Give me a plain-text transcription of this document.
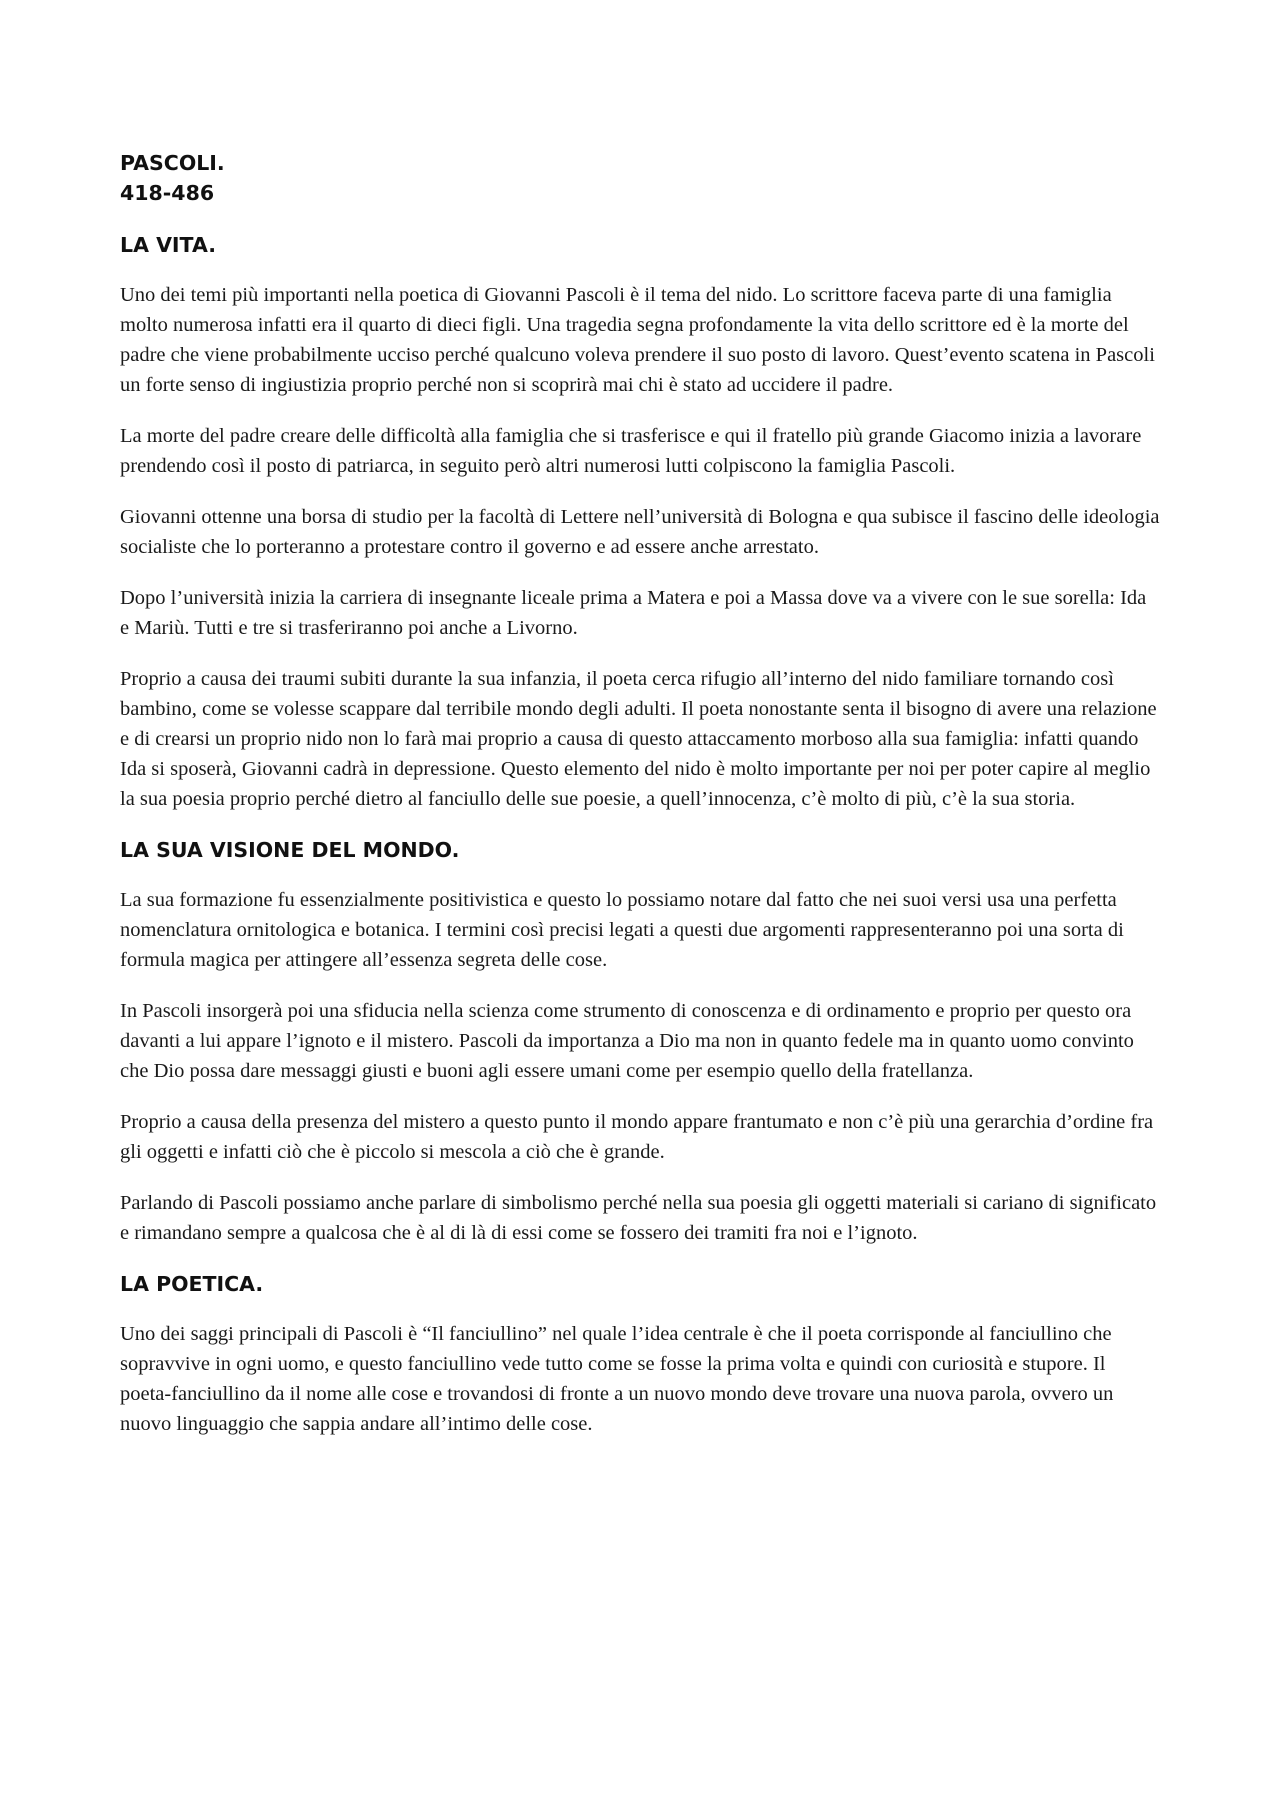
PASCOLI.
418-486
LA VITA.

Uno dei temi più importanti nella poetica di Giovanni Pascoli è il tema del nido. Lo scrittore faceva parte di una famiglia molto numerosa infatti era il quarto di dieci figli. Una tragedia segna profondamente la vita dello scrittore ed è la morte del padre che viene probabilmente ucciso perché qualcuno voleva prendere il suo posto di lavoro. Quest’evento scatena in Pascoli un forte senso di ingiustizia proprio perché non si scoprirà mai chi è stato ad uccidere il padre.

La morte del padre creare delle difficoltà alla famiglia che si trasferisce e qui il fratello più grande Giacomo inizia a lavorare prendendo così il posto di patriarca, in seguito però altri numerosi lutti colpiscono la famiglia Pascoli.

Giovanni ottenne una borsa di studio per la facoltà di Lettere nell’università di Bologna e qua subisce il fascino delle ideologia socialiste che lo porteranno a protestare contro il governo e ad essere anche arrestato.

Dopo l’università inizia la carriera di insegnante liceale prima a Matera e poi a Massa dove va a vivere con le sue sorella: Ida e Mariù. Tutti e tre si trasferiranno poi anche a Livorno.

Proprio a causa dei traumi subiti durante la sua infanzia, il poeta cerca rifugio all’interno del nido familiare tornando così bambino, come se volesse scappare dal terribile mondo degli adulti. Il poeta nonostante senta il bisogno di avere una relazione e di crearsi un proprio nido non lo farà mai proprio a causa di questo attaccamento morboso alla sua famiglia: infatti quando Ida si sposerà, Giovanni cadrà in depressione. Questo elemento del nido è molto importante per noi per poter capire al meglio la sua poesia proprio perché dietro al fanciullo delle sue poesie, a quell’innocenza, c’è molto di più, c’è la sua storia.

LA SUA VISIONE DEL MONDO.

La sua formazione fu essenzialmente positivistica e questo lo possiamo notare dal fatto che nei suoi versi usa una perfetta nomenclatura ornitologica e botanica. I termini così precisi legati a questi due argomenti rappresenteranno poi una sorta di formula magica per attingere all’essenza segreta delle cose.

In Pascoli insorgerà poi una sfiducia nella scienza come strumento di conoscenza e di ordinamento e proprio per questo ora davanti a lui appare l’ignoto e il mistero. Pascoli da importanza a Dio ma non in quanto fedele ma in quanto uomo convinto che Dio possa dare messaggi giusti e buoni agli essere umani come per esempio quello della fratellanza.

Proprio a causa della presenza del mistero a questo punto il mondo appare frantumato e non c’è più una gerarchia d’ordine fra gli oggetti e infatti ciò che è piccolo si mescola a ciò che è grande.

Parlando di Pascoli possiamo anche parlare di simbolismo perché nella sua poesia gli oggetti materiali si cariano di significato e rimandano sempre a qualcosa che è al di là di essi come se fossero dei tramiti fra noi e l’ignoto.

LA POETICA.

Uno dei saggi principali di Pascoli è “Il fanciullino” nel quale l’idea centrale è che il poeta corrisponde al fanciullino che sopravvive in ogni uomo, e questo fanciullino vede tutto come se fosse la prima volta e quindi con curiosità e stupore. Il poeta-fanciullino da il nome alle cose e trovandosi di fronte a un nuovo mondo deve trovare una nuova parola, ovvero un nuovo linguaggio che sappia andare all’intimo delle cose.
